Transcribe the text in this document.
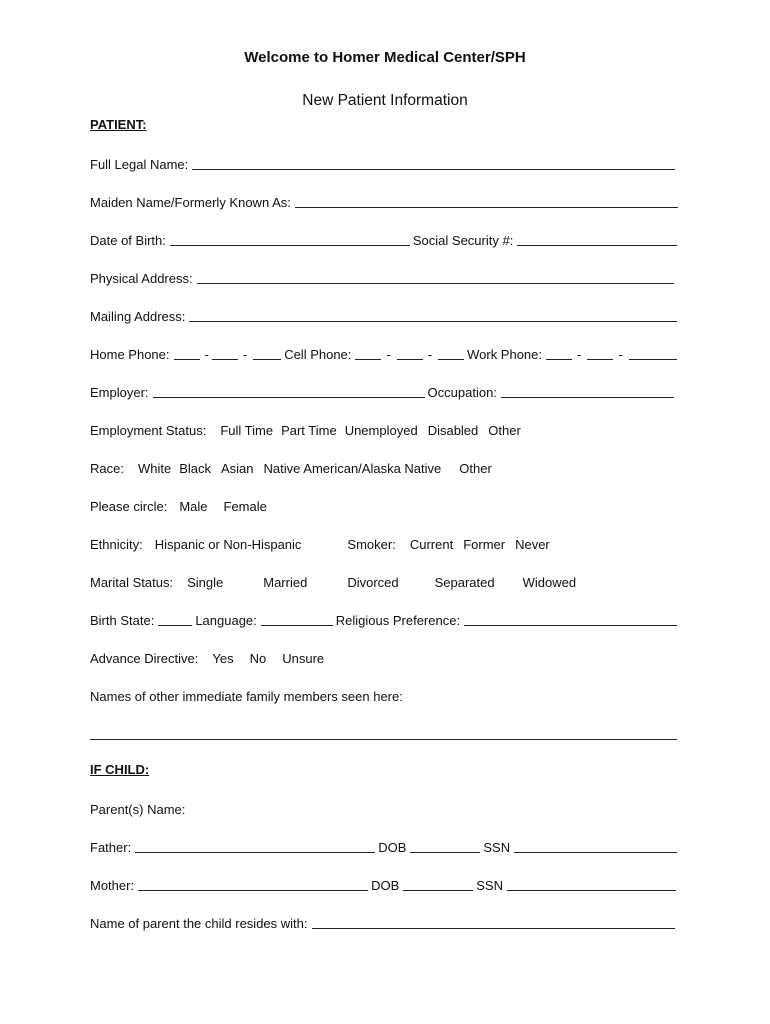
Welcome to Homer Medical Center/SPH
New Patient Information
PATIENT:
Full Legal Name:
Maiden Name/Formerly Known As:
Date of Birth:	Social Security #:
Physical Address:
Mailing Address:
Home Phone:	-	-	Cell Phone:	-	-	Work Phone:	-	-
Employer:	Occupation:
Employment Status: Full Time Part Time Unemployed Disabled Other
Race: White Black Asian Native American/Alaska Native Other
Please circle: Male Female
Ethnicity: Hispanic or Non-Hispanic	Smoker: Current Former Never
Marital Status: Single	Married	Divorced	Separated Widowed
Birth State:	Language:	Religious Preference:
Advance Directive: Yes No Unsure
Names of other immediate family members seen here:
IF CHILD:
Parent(s) Name:
Father:	DOB	SSN
Mother:	DOB	SSN
Name of parent the child resides with:
